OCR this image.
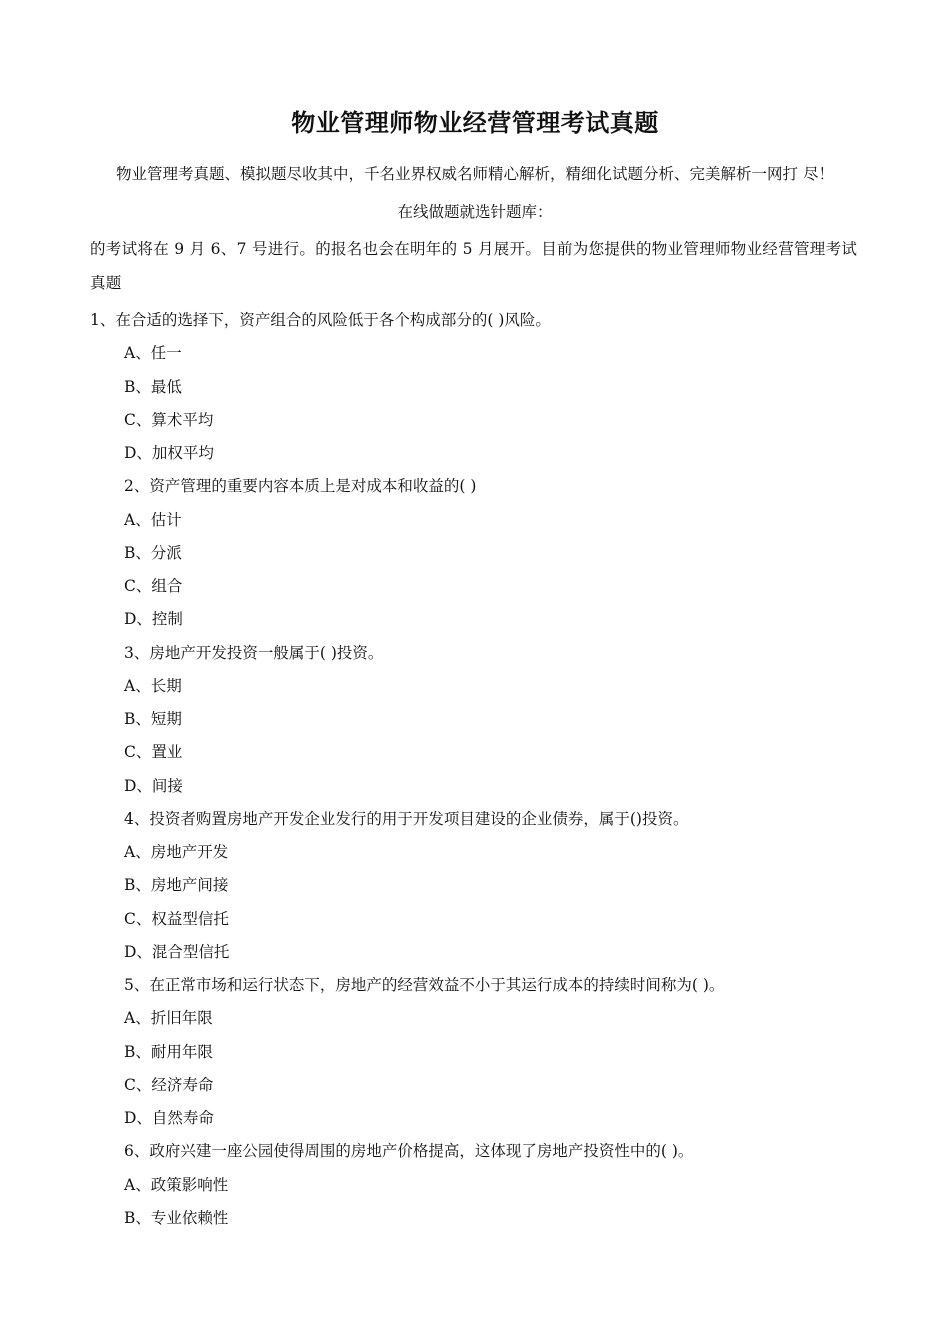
物业管理师物业经营管理考试真题
物业管理考真题、模拟题尽收其中，千名业界权威名师精心解析，精细化试题分析、完美解析一网打 尽！
在线做题就选针题库：
的考试将在 9 月 6、7 号进行。的报名也会在明年的 5 月展开。目前为您提供的物业管理师物业经营管理考试真题
1、在合适的选择下，资产组合的风险低于各个构成部分的( )风险。
A、任一
B、最低
C、算术平均
D、加权平均
2、资产管理的重要内容本质上是对成本和收益的( )
A、估计
B、分派
C、组合
D、控制
3、房地产开发投资一般属于( )投资。
A、长期
B、短期
C、置业
D、间接
4、投资者购置房地产开发企业发行的用于开发项目建设的企业债券，属于()投资。
A、房地产开发
B、房地产间接
C、权益型信托
D、混合型信托
5、在正常市场和运行状态下，房地产的经营效益不小于其运行成本的持续时间称为( )。
A、折旧年限
B、耐用年限
C、经济寿命
D、自然寿命
6、政府兴建一座公园使得周围的房地产价格提高，这体现了房地产投资性中的( )。
A、政策影响性
B、专业依赖性
